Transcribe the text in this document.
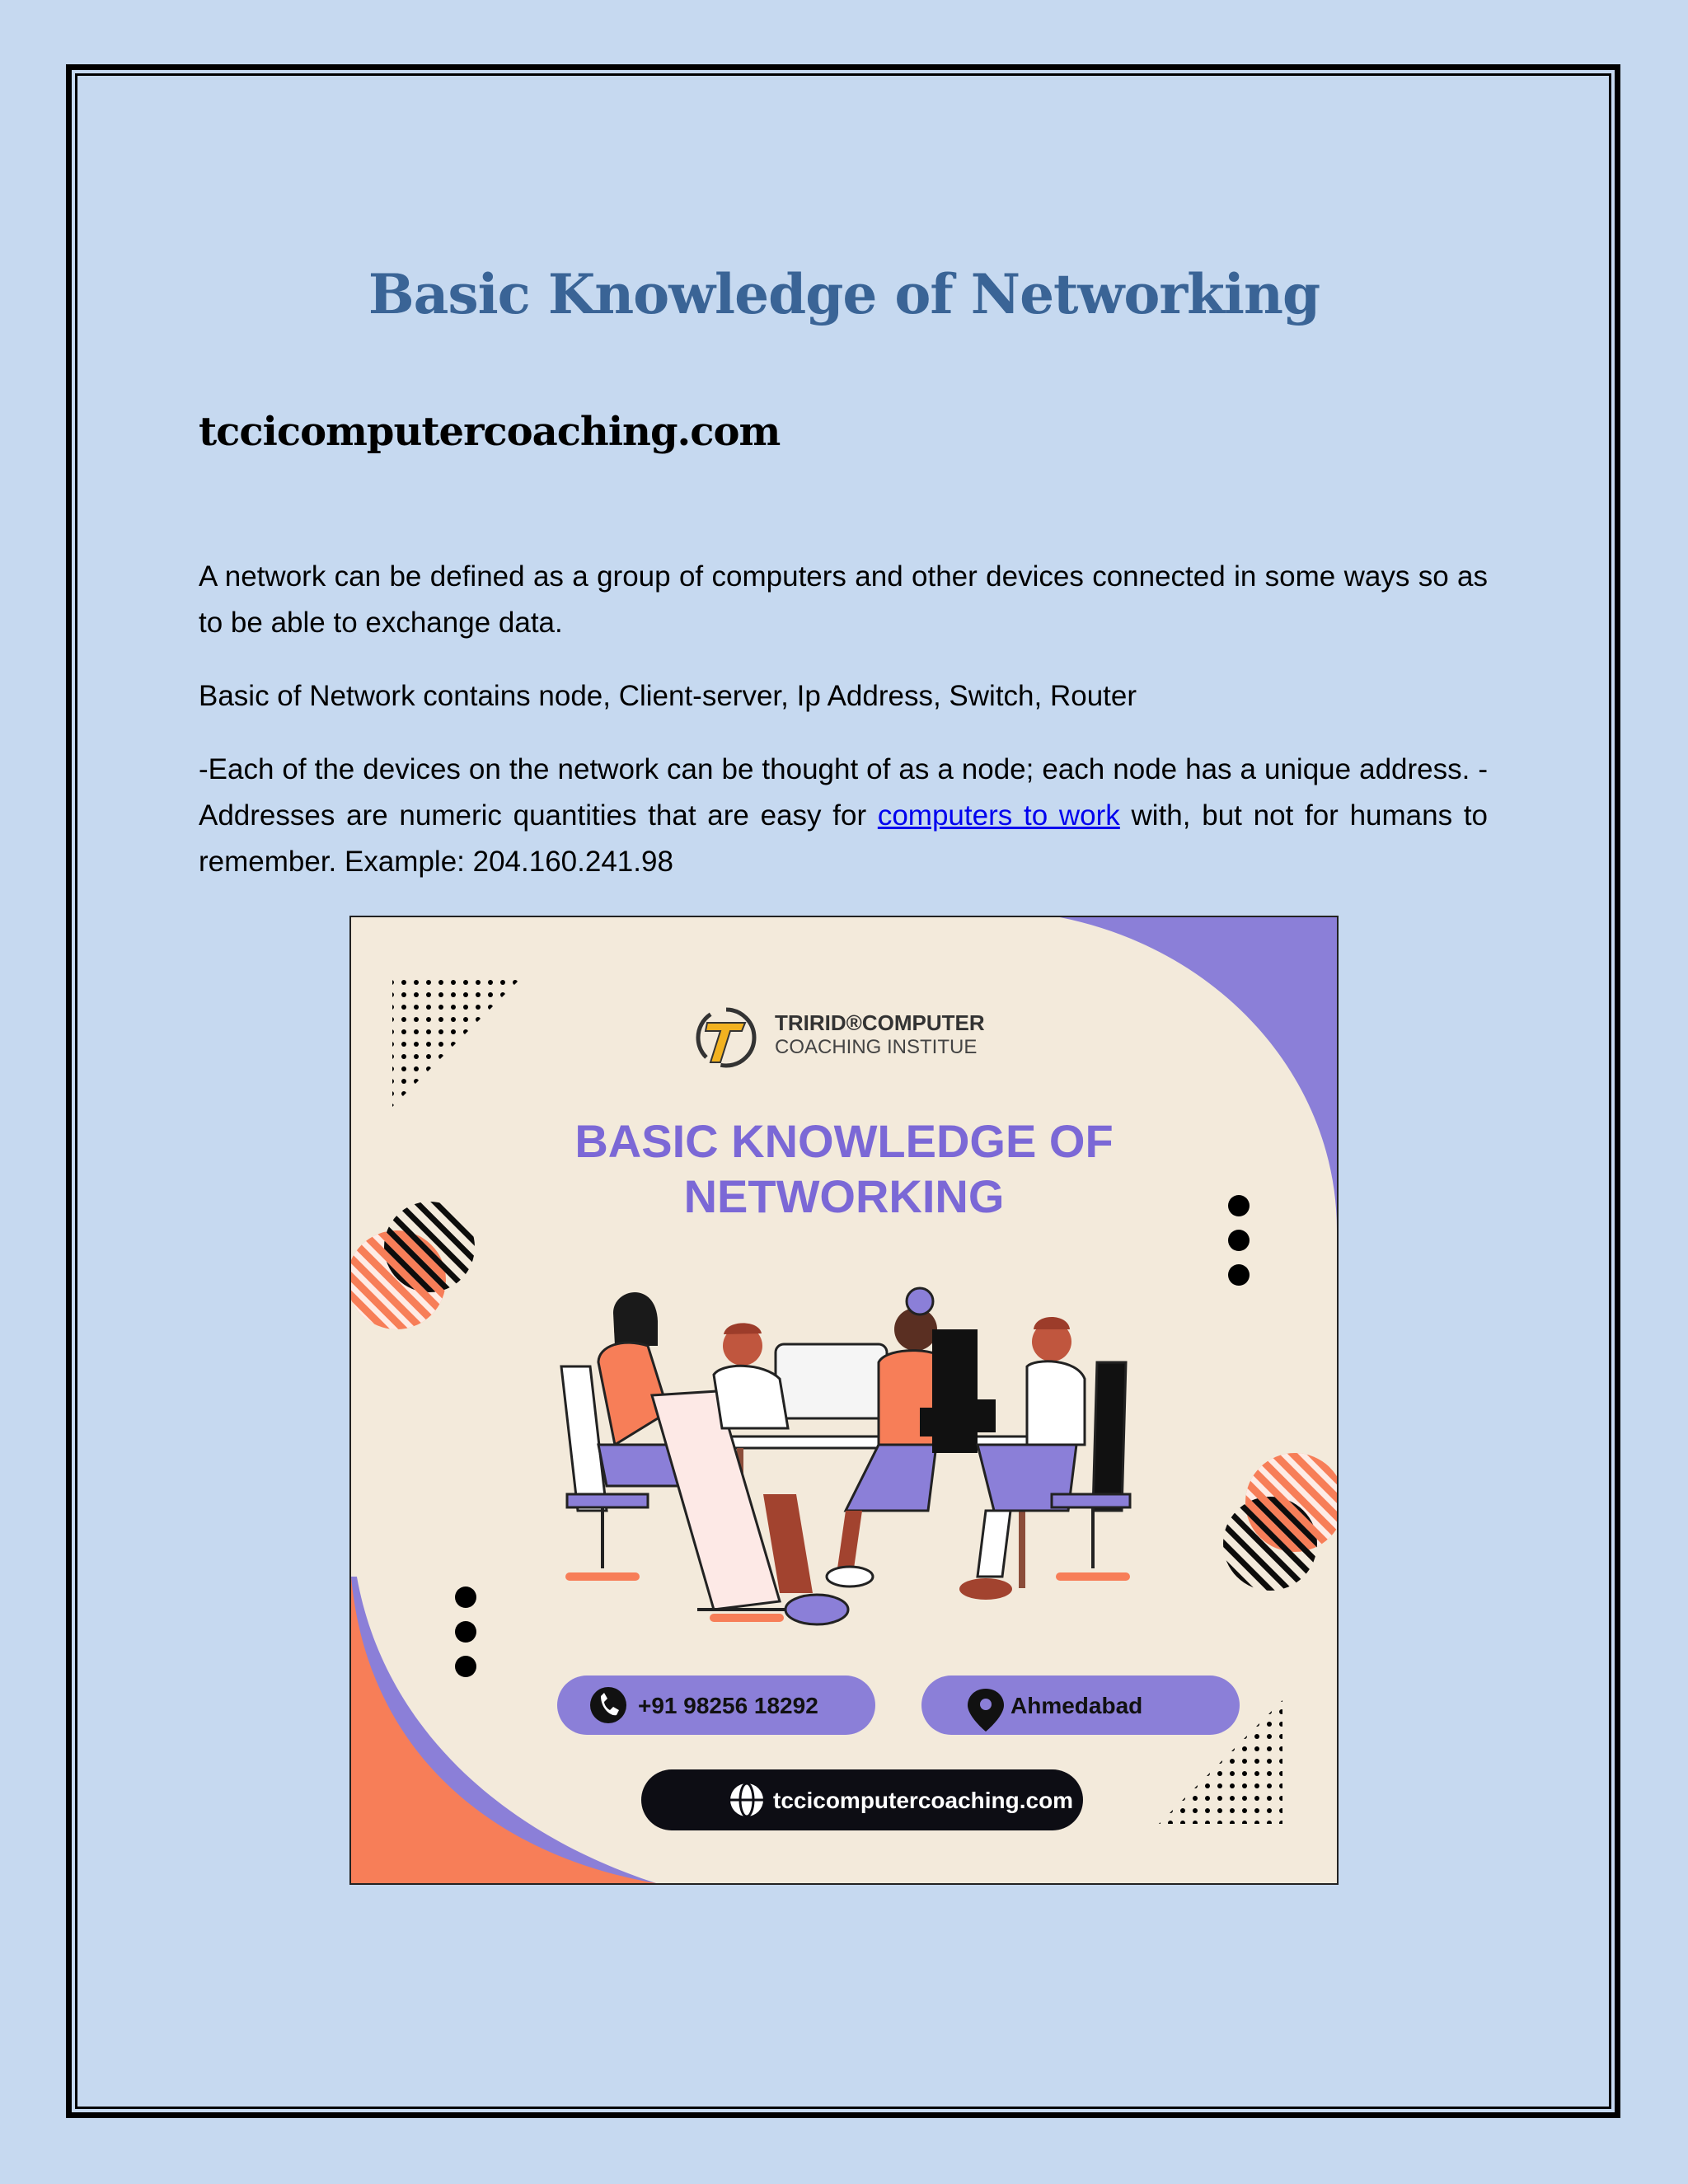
Basic Knowledge of Networking
tccicomputercoaching.com

A network can be defined as a group of computers and other devices connected in some ways so as to be able to exchange data.

Basic of Network contains node, Client-server, Ip Address, Switch, Router

-Each of the devices on the network can be thought of as a node; each node has a unique address. -Addresses are numeric quantities that are easy for computers to work with, but not for humans to remember. Example: 204.160.241.98

TRIRID®COMPUTER
COACHING INSTITUE
BASIC KNOWLEDGE OF
NETWORKING
+91 98256 18292	Ahmedabad
tccicomputercoaching.com
